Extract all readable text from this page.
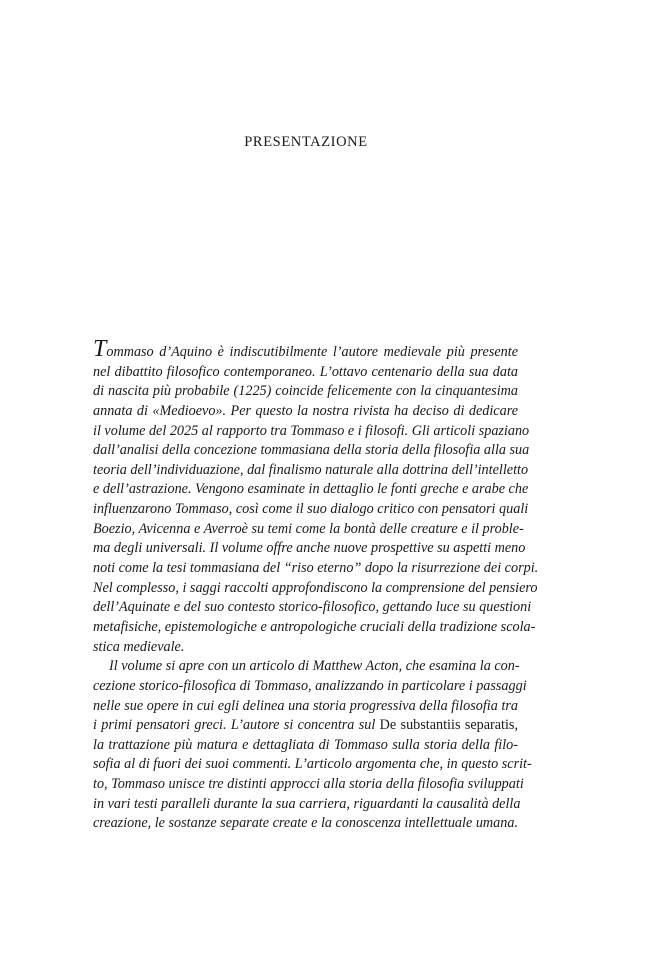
PRESENTAZIONE
Tommaso d’Aquino è indiscutibilmente l’autore medievale più presente
nel dibattito filosofico contemporaneo. L’ottavo centenario della sua data
di nascita più probabile (1225) coincide felicemente con la cinquantesima
annata di «Medioevo». Per questo la nostra rivista ha deciso di dedicare
il volume del 2025 al rapporto tra Tommaso e i filosofi. Gli articoli spaziano
dall’analisi della concezione tommasiana della storia della filosofia alla sua
teoria dell’individuazione, dal finalismo naturale alla dottrina dell’intelletto
e dell’astrazione. Vengono esaminate in dettaglio le fonti greche e arabe che
influenzarono Tommaso, così come il suo dialogo critico con pensatori quali
Boezio, Avicenna e Averroè su temi come la bontà delle creature e il proble-
ma degli universali. Il volume offre anche nuove prospettive su aspetti meno
noti come la tesi tommasiana del “riso eterno” dopo la risurrezione dei corpi.
Nel complesso, i saggi raccolti approfondiscono la comprensione del pensiero
dell’Aquinate e del suo contesto storico-filosofico, gettando luce su questioni
metafisiche, epistemologiche e antropologiche cruciali della tradizione scola-
stica medievale.
Il volume si apre con un articolo di Matthew Acton, che esamina la con-
cezione storico-filosofica di Tommaso, analizzando in particolare i passaggi
nelle sue opere in cui egli delinea una storia progressiva della filosofia tra
i primi pensatori greci. L’autore si concentra sul De substantiis separatis,
la trattazione più matura e dettagliata di Tommaso sulla storia della filo-
sofia al di fuori dei suoi commenti. L’articolo argomenta che, in questo scrit-
to, Tommaso unisce tre distinti approcci alla storia della filosofia sviluppati
in vari testi paralleli durante la sua carriera, riguardanti la causalità della
creazione, le sostanze separate create e la conoscenza intellettuale umana.
